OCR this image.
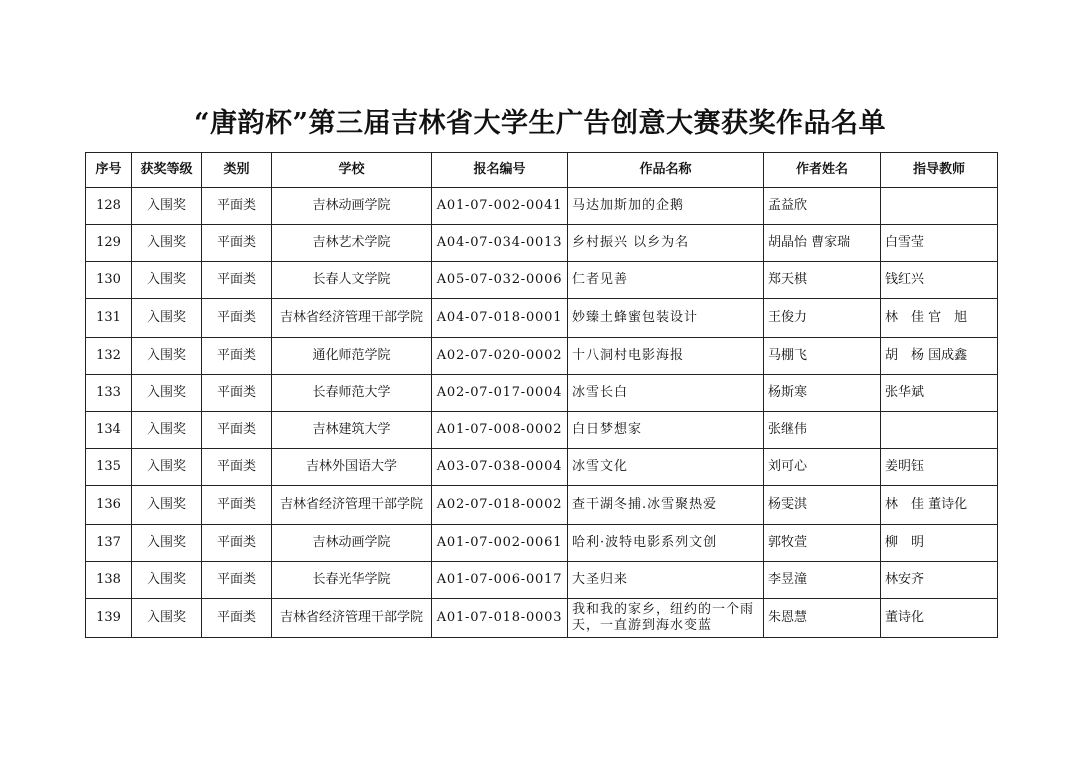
“唐韵杯”第三届吉林省大学生广告创意大赛获奖作品名单
序号	获奖等级	类别	学校	报名编号	作品名称	作者姓名	指导教师
128	入围奖	平面类	吉林动画学院	A01-07-002-0041	马达加斯加的企鹅	孟益欣	
129	入围奖	平面类	吉林艺术学院	A04-07-034-0013	乡村振兴 以乡为名	胡晶怡 曹家瑞	白雪莹
130	入围奖	平面类	长春人文学院	A05-07-032-0006	仁者见善	郑天棋	钱红兴
131	入围奖	平面类	吉林省经济管理干部学院	A04-07-018-0001	妙臻土蜂蜜包装设计	王俊力	林　佳 官　旭
132	入围奖	平面类	通化师范学院	A02-07-020-0002	十八洞村电影海报	马棚飞	胡　杨 国成鑫
133	入围奖	平面类	长春师范大学	A02-07-017-0004	冰雪长白	杨斯寒	张华斌
134	入围奖	平面类	吉林建筑大学	A01-07-008-0002	白日梦想家	张继伟	
135	入围奖	平面类	吉林外国语大学	A03-07-038-0004	冰雪文化	刘可心	姜明钰
136	入围奖	平面类	吉林省经济管理干部学院	A02-07-018-0002	查干湖冬捕.冰雪聚热爱	杨雯淇	林　佳 董诗化
137	入围奖	平面类	吉林动画学院	A01-07-002-0061	哈利·波特电影系列文创	郭牧萱	柳　明
138	入围奖	平面类	长春光华学院	A01-07-006-0017	大圣归来	李昱潼	林安齐
139	入围奖	平面类	吉林省经济管理干部学院	A01-07-018-0003	我和我的家乡，纽约的一个雨天，一直游到海水变蓝	朱恩慧	董诗化
